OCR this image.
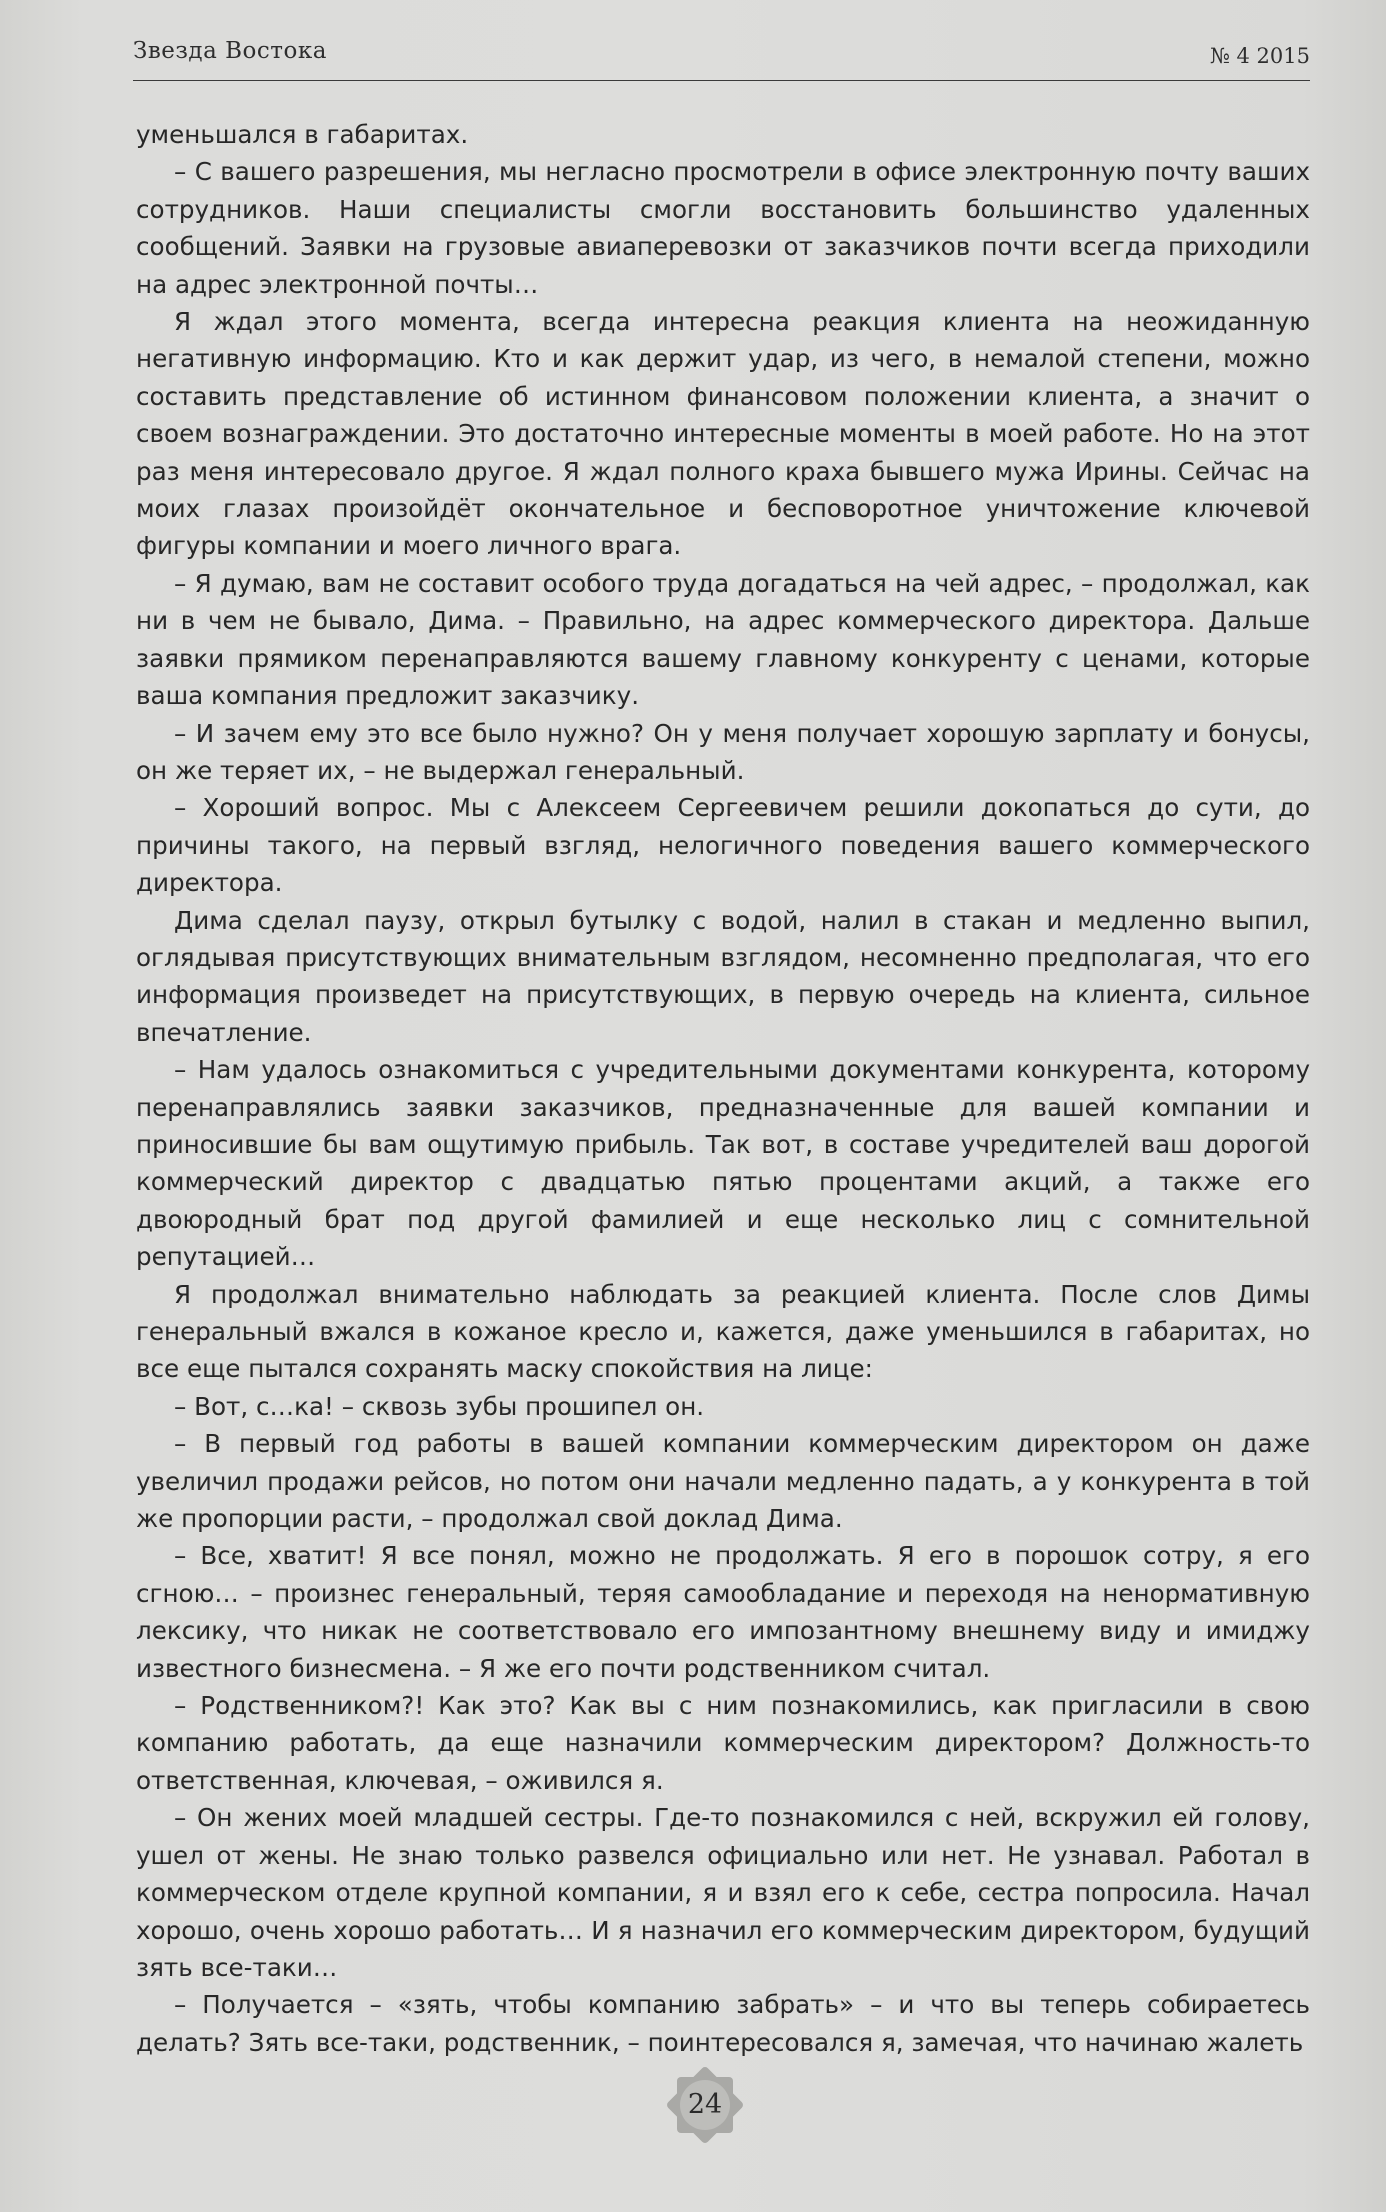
Звезда Востока	№ 4 2015

уменьшался в габаритах.

– С вашего разрешения, мы негласно просмотрели в офисе электронную почту ваших сотрудников. Наши специалисты смогли восстановить большинство удаленных сообщений. Заявки на грузовые авиаперевозки от заказчиков почти всегда приходили на адрес электронной почты…

Я ждал этого момента, всегда интересна реакция клиента на неожиданную негативную информацию. Кто и как держит удар, из чего, в немалой степени, можно составить представление об истинном финансовом положении клиента, а значит о своем вознаграждении. Это достаточно интересные моменты в моей работе. Но на этот раз меня интересовало другое. Я ждал полного краха бывшего мужа Ирины. Сейчас на моих глазах произойдёт окончательное и бесповоротное уничтожение ключевой фигуры компании и моего личного врага.

– Я думаю, вам не составит особого труда догадаться на чей адрес, – продолжал, как ни в чем не бывало, Дима. – Правильно, на адрес коммерческого директора. Дальше заявки прямиком перенаправляются вашему главному конкуренту с ценами, которые ваша компания предложит заказчику.

– И зачем ему это все было нужно? Он у меня получает хорошую зарплату и бонусы, он же теряет их, – не выдержал генеральный.

– Хороший вопрос. Мы с Алексеем Сергеевичем решили докопаться до сути, до причины такого, на первый взгляд, нелогичного поведения вашего коммерческого директора.

Дима сделал паузу, открыл бутылку с водой, налил в стакан и медленно выпил, оглядывая присутствующих внимательным взглядом, несомненно предполагая, что его информация произведет на присутствующих, в первую очередь на клиента, сильное впечатление.

– Нам удалось ознакомиться с учредительными документами конкурента, которому перенаправлялись заявки заказчиков, предназначенные для вашей компании и приносившие бы вам ощутимую прибыль. Так вот, в составе учредителей ваш дорогой коммерческий директор с двадцатью пятью процентами акций, а также его двоюродный брат под другой фамилией и еще несколько лиц с сомнительной репутацией…

Я продолжал внимательно наблюдать за реакцией клиента. После слов Димы генеральный вжался в кожаное кресло и, кажется, даже уменьшился в габаритах, но все еще пытался сохранять маску спокойствия на лице:

– Вот, с…ка! – сквозь зубы прошипел он.

– В первый год работы в вашей компании коммерческим директором он даже увеличил продажи рейсов, но потом они начали медленно падать, а у конкурента в той же пропорции расти, – продолжал свой доклад Дима.

– Все, хватит! Я все понял, можно не продолжать. Я его в порошок сотру, я его сгною… – произнес генеральный, теряя самообладание и переходя на ненормативную лексику, что никак не соответствовало его импозантному внешнему виду и имиджу известного бизнесмена. – Я же его почти родственником считал.

– Родственником?! Как это? Как вы с ним познакомились, как пригласили в свою компанию работать, да еще назначили коммерческим директором? Должность-то ответственная, ключевая, – оживился я.

– Он жених моей младшей сестры. Где-то познакомился с ней, вскружил ей голову, ушел от жены. Не знаю только развелся официально или нет. Не узнавал. Работал в коммерческом отделе крупной компании, я и взял его к себе, сестра попросила. Начал хорошо, очень хорошо работать… И я назначил его коммерческим директором, будущий зять все-таки…

– Получается – «зять, чтобы компанию забрать» – и что вы теперь собираетесь делать? Зять все-таки, родственник, – поинтересовался я, замечая, что начинаю жалеть

24
